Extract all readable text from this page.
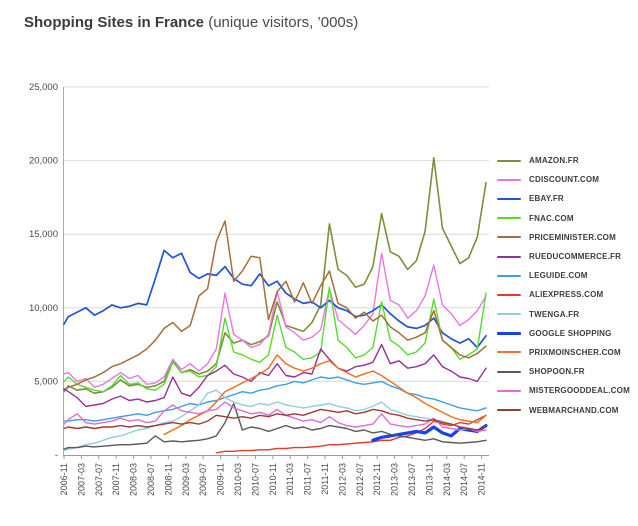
Shopping Sites in France (unique visitors, ’000s)
-
5,000
10,000
15,000
20,000
25,000
2006-11 2007-03 2007-07 2007-11 2008-03 2008-07 2008-11 2009-03 2009-07 2009-11 2010-03 2010-07 2010-11 2011-03 2011-07 2011-11 2012-03 2012-07 2012-11 2013-03 2013-07 2013-11 2014-03 2014-07 2014-11
AMAZON.FR
CDISCOUNT.COM
EBAY.FR
FNAC.COM
PRICEMINISTER.COM
RUEDUCOMMERCE.FR
LEGUIDE.COM
ALIEXPRESS.COM
TWENGA.FR
GOOGLE SHOPPING
PRIXMOINSCHER.COM
SHOPOON.FR
MISTERGOODDEAL.COM
WEBMARCHAND.COM
